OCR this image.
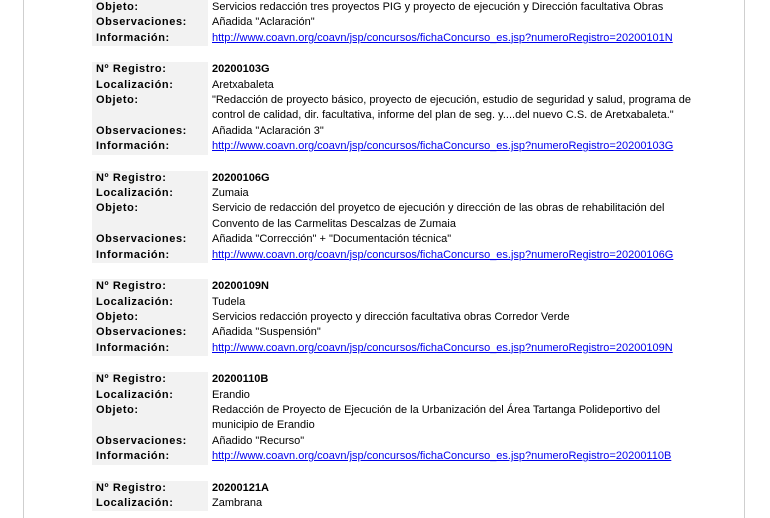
Objeto:	Servicios redacción tres proyectos PIG y proyecto de ejecución y Dirección facultativa Obras
Observaciones:	Añadida "Aclaración"
Información:	http://www.coavn.org/coavn/jsp/concursos/fichaConcurso_es.jsp?numeroRegistro=20200101N
Nº Registro:	20200103G
Localización:	Aretxabaleta
Objeto:	"Redacción de proyecto básico, proyecto de ejecución, estudio de seguridad y salud, programa de control de calidad, dir. facultativa, informe del plan de seg. y....del nuevo C.S. de Aretxabaleta."
Observaciones:	Añadida "Aclaración 3"
Información:	http://www.coavn.org/coavn/jsp/concursos/fichaConcurso_es.jsp?numeroRegistro=20200103G
Nº Registro:	20200106G
Localización:	Zumaia
Objeto:	Servicio de redacción del proyetco de ejecución y dirección de las obras de rehabilitación del Convento de las Carmelitas Descalzas de Zumaia
Observaciones:	Añadida "Corrección" + "Documentación técnica"
Información:	http://www.coavn.org/coavn/jsp/concursos/fichaConcurso_es.jsp?numeroRegistro=20200106G
Nº Registro:	20200109N
Localización:	Tudela
Objeto:	Servicios redacción proyecto y dirección facultativa obras Corredor Verde
Observaciones:	Añadida "Suspensión"
Información:	http://www.coavn.org/coavn/jsp/concursos/fichaConcurso_es.jsp?numeroRegistro=20200109N
Nº Registro:	20200110B
Localización:	Erandio
Objeto:	Redacción de Proyecto de Ejecución de la Urbanización del Área Tartanga Polideportivo del municipio de Erandio
Observaciones:	Añadido "Recurso"
Información:	http://www.coavn.org/coavn/jsp/concursos/fichaConcurso_es.jsp?numeroRegistro=20200110B
Nº Registro:	20200121A
Localización:	Zambrana
